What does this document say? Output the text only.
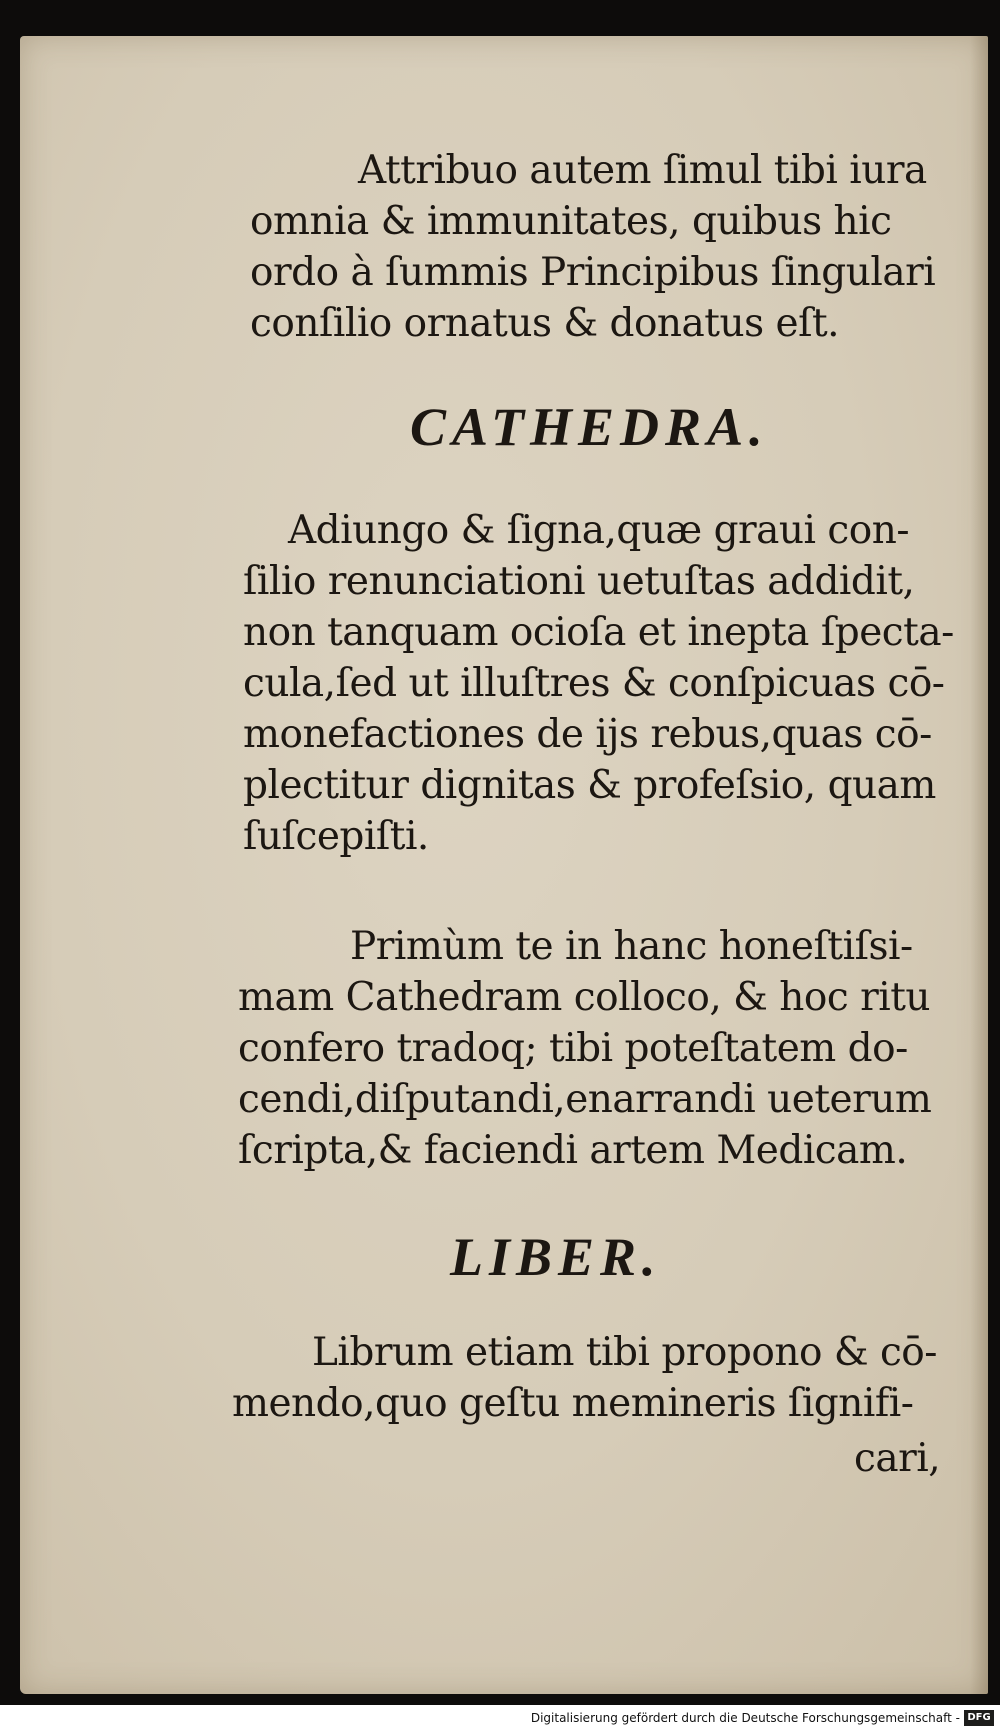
Attribuo autem ſimul tibi iura

omnia & immunitates, quibus hic

ordo à ſummis Principibus ſingulari

conſilio ornatus & donatus eſt.

CATHEDRA.

Adiungo & ſigna,quæ graui con-

ſilio renunciationi uetuſtas addidit,

non tanquam ocioſa et inepta ſpecta-

cula,ſed ut illuſtres & conſpicuas cō-

monefactiones de ijs rebus,quas cō-

plectitur dignitas & profeſsio, quam

ſuſcepiſti.

Primùm te in hanc honeſtiſsi-

mam Cathedram colloco, & hoc ritu

confero tradoq; tibi poteſtatem do-

cendi,diſputandi,enarrandi ueterum

ſcripta,& faciendi artem Medicam.

LIBER.

Librum etiam tibi propono & cō-

mendo,quo geſtu memineris ſignifi-

cari,

Digitalisierung gefördert durch die Deutsche Forschungsgemeinschaft - DFG
